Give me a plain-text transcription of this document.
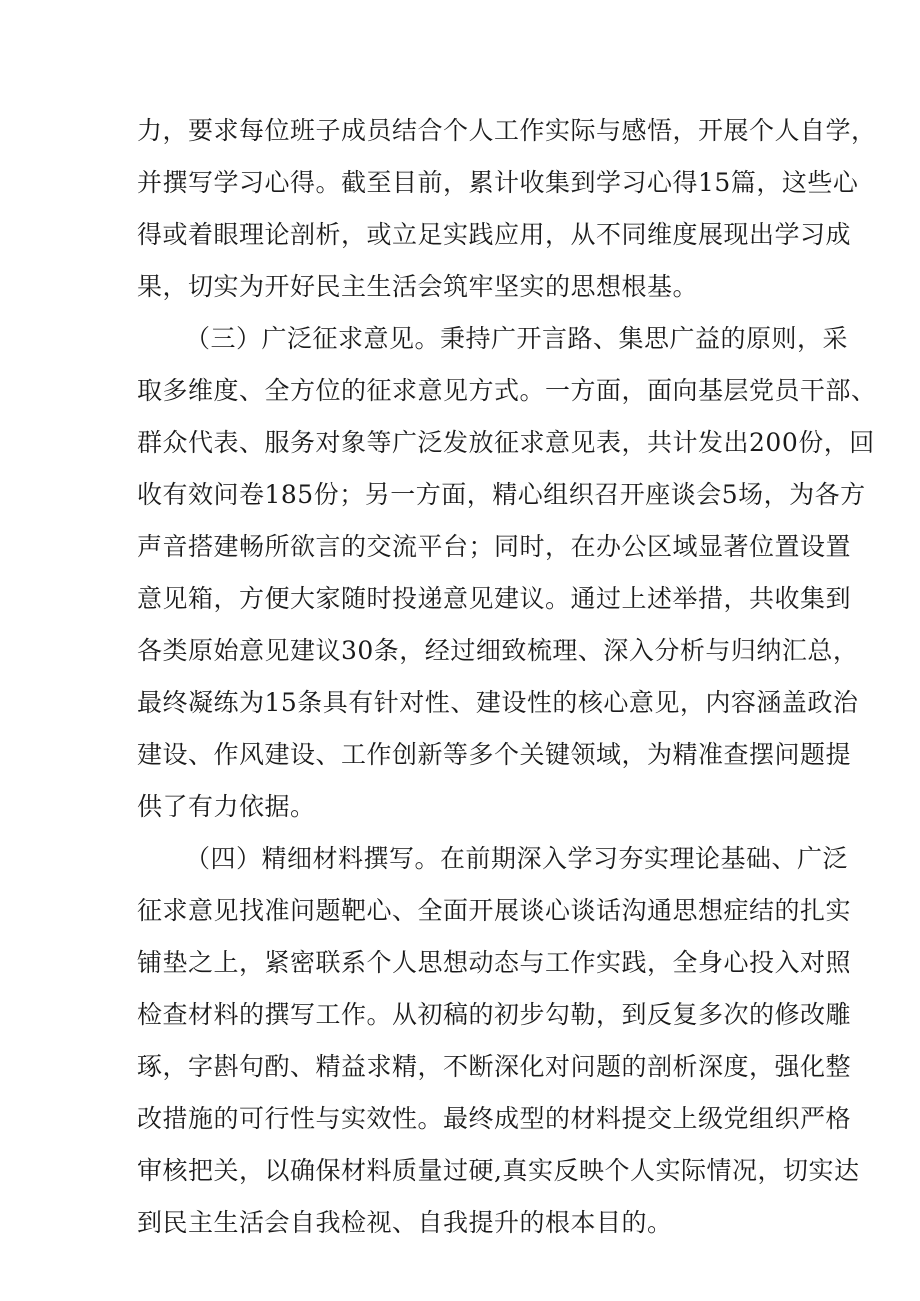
力，要求每位班子成员结合个人工作实际与感悟，开展个人自学，
并撰写学习心得。截至目前，累计收集到学习心得15篇，这些心
得或着眼理论剖析，或立足实践应用，从不同维度展现出学习成
果，切实为开好民主生活会筑牢坚实的思想根基。
（三）广泛征求意见。秉持广开言路、集思广益的原则，采
取多维度、全方位的征求意见方式。一方面，面向基层党员干部、
群众代表、服务对象等广泛发放征求意见表，共计发出200份，回
收有效问卷185份；另一方面，精心组织召开座谈会5场，为各方
声音搭建畅所欲言的交流平台；同时，在办公区域显著位置设置
意见箱，方便大家随时投递意见建议。通过上述举措，共收集到
各类原始意见建议30条，经过细致梳理、深入分析与归纳汇总，
最终凝练为15条具有针对性、建设性的核心意见，内容涵盖政治
建设、作风建设、工作创新等多个关键领域，为精准查摆问题提
供了有力依据。
（四）精细材料撰写。在前期深入学习夯实理论基础、广泛
征求意见找准问题靶心、全面开展谈心谈话沟通思想症结的扎实
铺垫之上，紧密联系个人思想动态与工作实践，全身心投入对照
检查材料的撰写工作。从初稿的初步勾勒，到反复多次的修改雕
琢，字斟句酌、精益求精，不断深化对问题的剖析深度，强化整
改措施的可行性与实效性。最终成型的材料提交上级党组织严格
审核把关，以确保材料质量过硬,真实反映个人实际情况，切实达
到民主生活会自我检视、自我提升的根本目的。
